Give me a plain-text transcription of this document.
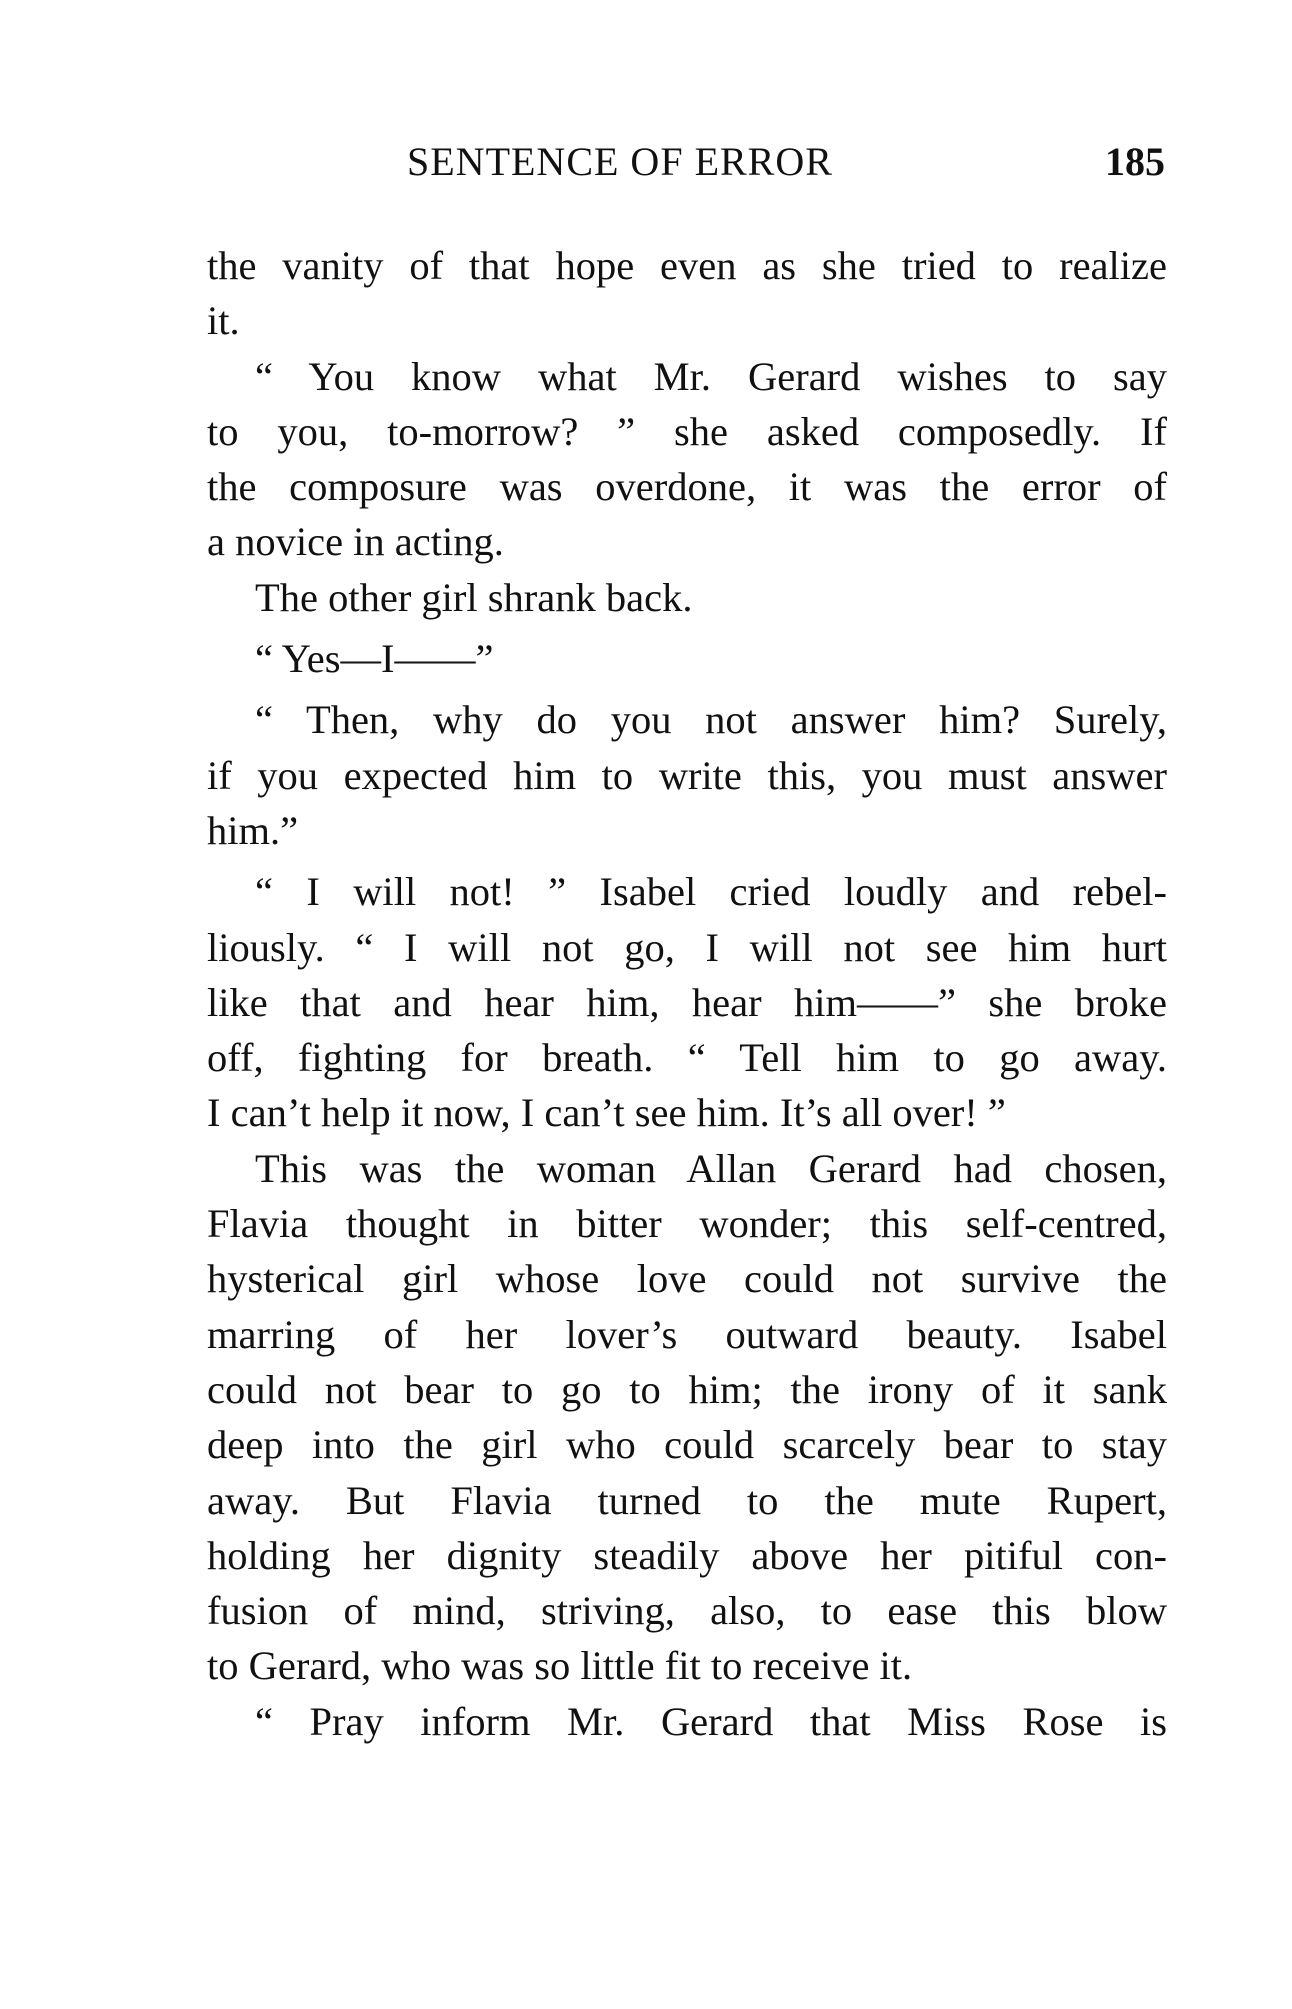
SENTENCE OF ERROR	185
the vanity of that hope even as she tried to realize
it.
“ You know what Mr. Gerard wishes to say
to you, to-morrow? ” she asked composedly. If
the composure was overdone, it was the error of
a novice in acting.
The other girl shrank back.
“ Yes—I——”
“ Then, why do you not answer him? Surely,
if you expected him to write this, you must answer
him.”
“ I will not! ” Isabel cried loudly and rebel-
liously. “ I will not go, I will not see him hurt
like that and hear him, hear him——” she broke
off, fighting for breath. “ Tell him to go away.
I can’t help it now, I can’t see him. It’s all over! ”
This was the woman Allan Gerard had chosen,
Flavia thought in bitter wonder; this self-centred,
hysterical girl whose love could not survive the
marring of her lover’s outward beauty. Isabel
could not bear to go to him; the irony of it sank
deep into the girl who could scarcely bear to stay
away. But Flavia turned to the mute Rupert,
holding her dignity steadily above her pitiful con-
fusion of mind, striving, also, to ease this blow
to Gerard, who was so little fit to receive it.
“ Pray inform Mr. Gerard that Miss Rose is
